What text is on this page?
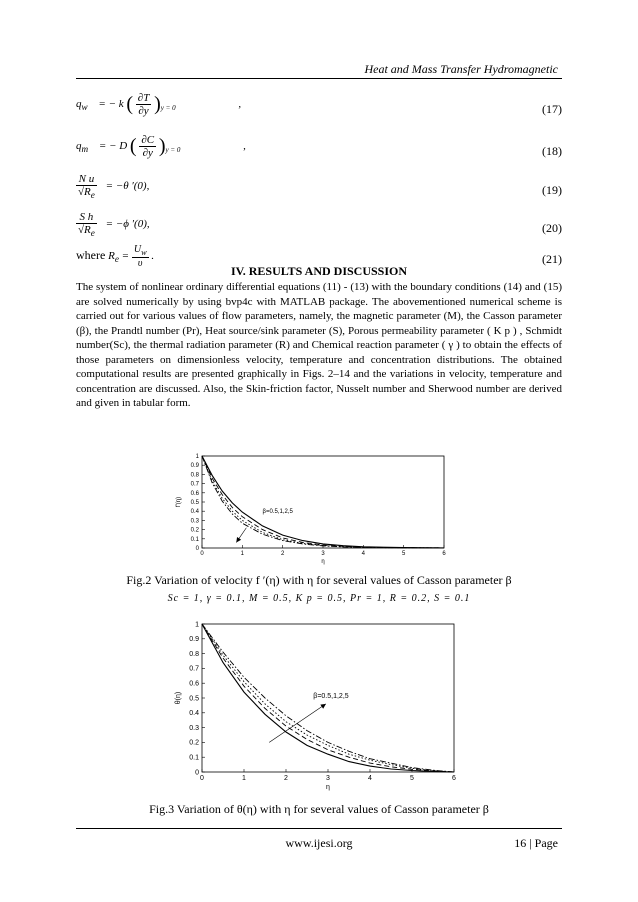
Heat and Mass Transfer Hydromagnetic
$q_w$ = − k ( $\frac{\partial T}{\partial y} )_{y = 0}$	,	(17)
$q_m$ = − D ( $\frac{\partial C}{\partial y} )_{y = 0}$	,	(18)
$\frac{\text{N u}}{√R_e} = -\theta$ ′(0),	(19)
$\frac{\text{S h}}{√R_e} = -\phi$ ′(0),	(20)
where $R_e = \frac{U_w}{\upsilon}$ .	(21)
IV. RESULTS AND DISCUSSION
The system of nonlinear ordinary differential equations (11) - (13) with the boundary conditions (14) and (15) are solved numerically by using bvp4c with MATLAB package. The abovementioned numerical scheme is carried out for various values of flow parameters, namely, the magnetic parameter (M), the Casson parameter (β), the Prandtl number (Pr), Heat source/sink parameter (S), Porous permeability parameter ( K p ) , Schmidt number(Sc), the thermal radiation parameter (R) and Chemical reaction parameter ( γ ) to obtain the effects of those parameters on dimensionless velocity, temperature and concentration distributions. The obtained computational results are presented graphically in Figs. 2–14 and the variations in velocity, temperature and concentration are discussed. Also, the Skin-friction factor, Nusselt number and Sherwood number are derived and given in tabular form.
0
0.1
0.2
0.3
0.4
0.5
0.6
0.7
0.8
0.9
1
0	1	2	3	4	5	6
η
f'(η)
β=0.5,1,2,5
Fig.2 Variation of velocity f ′(η) with η for several values of Casson parameter β
Sc = 1, γ = 0.1, M = 0.5, K p = 0.5, Pr = 1, R = 0.2, S = 0.1
0
0.1
0.2
0.3
0.4
0.5
0.6
0.7
0.8
0.9
1
0	1	2	3	4	5	6
η
θ(η)	β=0.5,1,2,5
Fig.3 Variation of θ(η) with η for several values of Casson parameter β
www.ijesi.org	16 | Page
